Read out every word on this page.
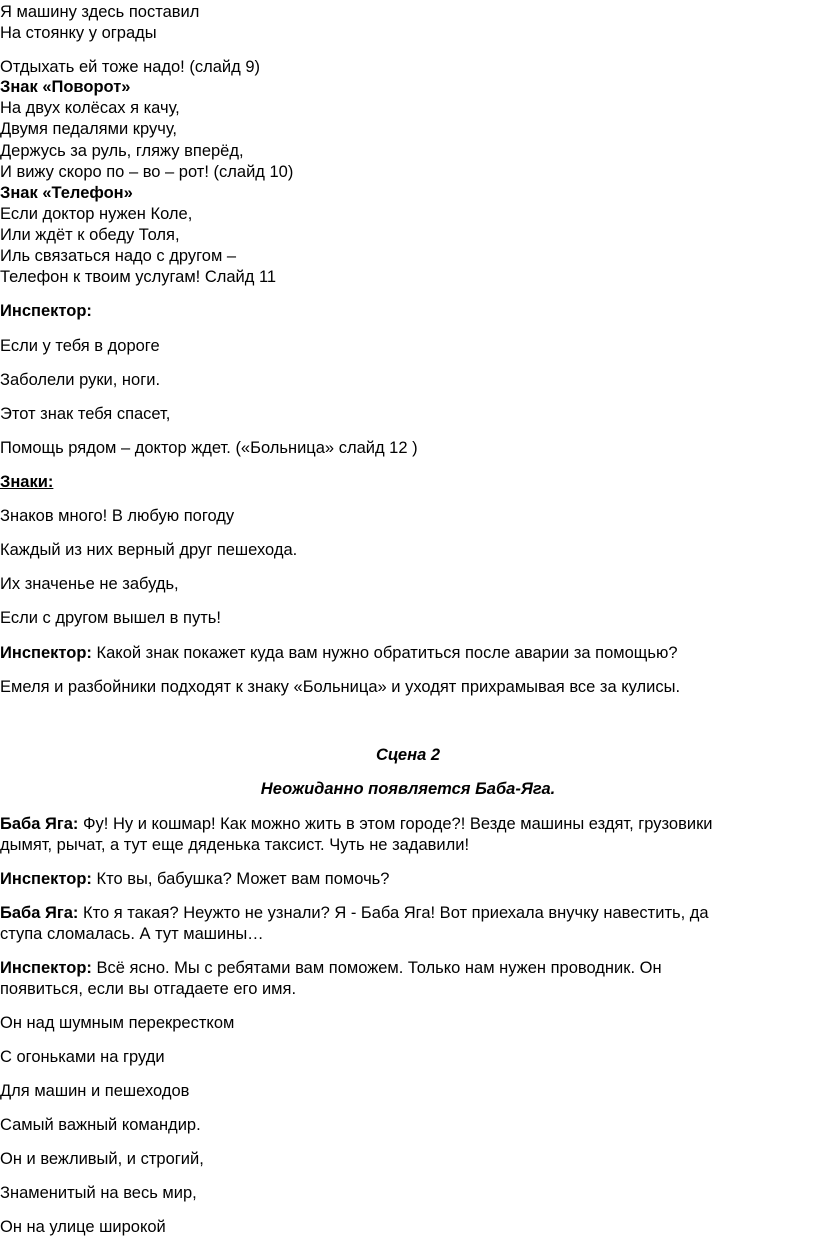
Я машину здесь поставил
На стоянку у ограды
Отдыхать ей тоже надо! (слайд 9)
Знак «Поворот»
На двух колёсах я качу,
Двумя педалями кручу,
Держусь за руль, гляжу вперёд,
И вижу скоро по – во – рот! (слайд 10)
Знак «Телефон»
Если доктор нужен Коле,
Или ждёт к обеду Толя,
Иль связаться надо с другом –
Телефон к твоим услугам! Слайд 11
Инспектор:
Если у тебя в дороге
Заболели руки, ноги.
Этот знак тебя спасет,
Помощь рядом – доктор ждет. («Больница» слайд 12 )
Знаки:
Знаков много! В любую погоду
Каждый из них верный друг пешехода.
Их значенье не забудь,
Если с другом вышел в путь!
Инспектор: Какой знак покажет куда вам нужно обратиться после аварии за помощью?
Емеля и разбойники подходят к знаку «Больница» и уходят прихрамывая все за кулисы.
Сцена 2
Неожиданно появляется Баба-Яга.
Баба Яга: Фу! Ну и кошмар! Как можно жить в этом городе?! Везде машины ездят, грузовики
дымят, рычат, а тут еще дяденька таксист. Чуть не задавили!
Инспектор: Кто вы, бабушка? Может вам помочь?
Баба Яга: Кто я такая? Неужто не узнали? Я - Баба Яга! Вот приехала внучку навестить, да
ступа сломалась. А тут машины…
Инспектор: Всё ясно. Мы с ребятами вам поможем. Только нам нужен проводник. Он
появиться, если вы отгадаете его имя.
Он над шумным перекрестком
С огоньками на груди
Для машин и пешеходов
Самый важный командир.
Он и вежливый, и строгий,
Знаменитый на весь мир,
Он на улице широкой
